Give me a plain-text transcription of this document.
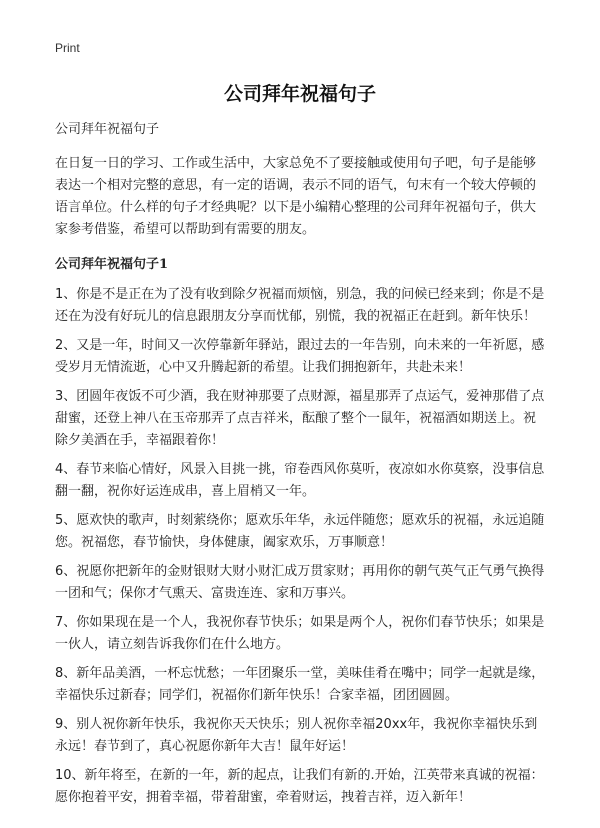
Print
公司拜年祝福句子

公司拜年祝福句子

在日复一日的学习、工作或生活中，大家总免不了要接触或使用句子吧，句子是能够表达一个相对完整的意思，有一定的语调，表示不同的语气，句末有一个较大停顿的语言单位。什么样的句子才经典呢？以下是小编精心整理的公司拜年祝福句子，供大家参考借鉴，希望可以帮助到有需要的朋友。

公司拜年祝福句子1

1、你是不是正在为了没有收到除夕祝福而烦恼，别急，我的问候已经来到；你是不是还在为没有好玩儿的信息跟朋友分享而忧郁，别慌，我的祝福正在赶到。新年快乐！

2、又是一年，时间又一次停靠新年驿站，跟过去的一年告别，向未来的一年祈愿，感受岁月无情流逝，心中又升腾起新的希望。让我们拥抱新年，共赴未来！

3、团圆年夜饭不可少酒，我在财神那要了点财源，福星那弄了点运气，爱神那借了点甜蜜，还登上神八在玉帝那弄了点吉祥米，酝酿了整个一鼠年，祝福酒如期送上。祝除夕美酒在手，幸福跟着你！

4、春节来临心情好，风景入目挑一挑，帘卷西风你莫听，夜凉如水你莫察，没事信息翻一翻，祝你好运连成串，喜上眉梢又一年。

5、愿欢快的歌声，时刻萦绕你；愿欢乐年华，永远伴随您；愿欢乐的祝福，永远追随您。祝福您，春节愉快，身体健康，阖家欢乐，万事顺意！

6、祝愿你把新年的金财银财大财小财汇成万贯家财；再用你的朝气英气正气勇气换得一团和气；保你才气熏天、富贵连连、家和万事兴。

7、你如果现在是一个人，我祝你春节快乐；如果是两个人，祝你们春节快乐；如果是一伙人，请立刻告诉我你们在什么地方。

8、新年品美酒，一杯忘忧愁；一年团聚乐一堂，美味佳肴在嘴中；同学一起就是缘，幸福快乐过新春；同学们，祝福你们新年快乐！合家幸福，团团圆圆。

9、别人祝你新年快乐，我祝你天天快乐；别人祝你幸福20xx年，我祝你幸福快乐到永远！春节到了，真心祝愿你新年大吉！鼠年好运！

10、新年将至，在新的一年，新的起点，让我们有新的.开始，江英带来真诚的祝福：愿你抱着平安，拥着幸福，带着甜蜜，牵着财运，拽着吉祥，迈入新年！
